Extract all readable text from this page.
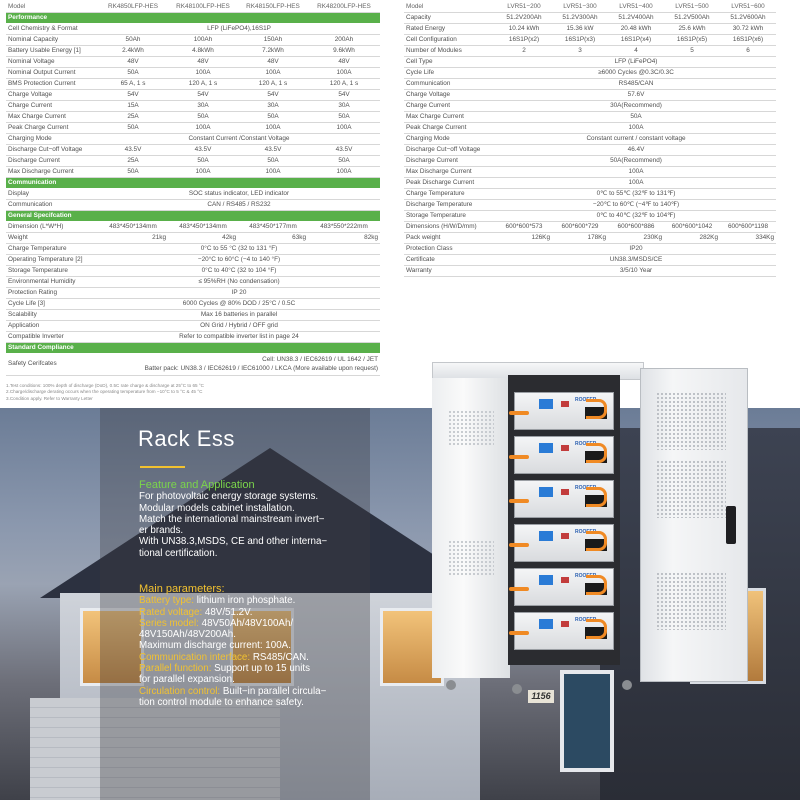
Model	RK4850LFP-HES	RK48100LFP-HES	RK48150LFP-HES	RK48200LFP-HES
Performance				
Cell Chemistry & Format	LFP (LiFePO4),16S1P			
Nominal Capacity	50Ah	100Ah	150Ah	200Ah
Battery Usable Energy [1]	2.4kWh	4.8kWh	7.2kWh	9.6kWh
Nominal Voltage	48V	48V	48V	48V
Nominal Output Current	50A	100A	100A	100A
BMS Protection Current	65 A, 1 s	120 A, 1 s	120 A, 1 s	120 A, 1 s
Charge Voltage	54V	54V	54V	54V
Charge Current	15A	30A	30A	30A
Max Charge Current	25A	50A	50A	50A
Peak Charge Current	50A	100A	100A	100A
Charging Mode	Constant Current /Constant Voltage			
Discharge Cut−off Voltage	43.5V	43.5V	43.5V	43.5V
Discharge Current	25A	50A	50A	50A
Max Discharge Current	50A	100A	100A	100A
Communication				
Display	SOC status indicator, LED indicator			
Communication	CAN / RS485 / RS232			
General Specifcation				
Dimension (L*W*H)	483*450*134mm	483*450*134mm	483*450*177mm	483*550*222mm
Weight	21kg	42kg	63kg	82kg
Charge Temperature	0°C to 55 °C (32 to 131 °F)			
Operating Temperature [2]	−20°C to 60°C (−4 to 140 °F)			
Storage Temperature	0°C to 40°C (32 to 104 °F)			
Environmental Humidity	≤ 95%RH (No condensation)			
Protection Rating	IP 20			
Cycle Life [3]	6000 Cycles @ 80% DOD / 25°C / 0.5C			
Scalability	Max 16 batteries in parallel			
Application	ON Grid / Hybrid / OFF grid			
Compatible Inverter	Refer to compatible inverter list in page 24			
Standard Compliance				
Safety Cerifcates	Cell: UN38.3 / IEC62619 / UL 1642 / JET
Batter pack: UN38.3 / IEC62619 / IEC61000 / LKCA (More available upon request)			
1.Test conditions: 100% depth of discharge (DoD), 0.5C rate charge & discharge at 25°C to 65 °C
2.Charge/discharge derating occurs when the operating temperature from −10°C to 5 °C & 45 °C
3.Condition apply. Refer to Warranty Letter
Model	LVR51−200	LVR51−300	LVR51−400	LVR51−500	LVR51−600
Capacity	51.2V200Ah	51.2V300Ah	51.2V400Ah	51.2V500Ah	51.2V600Ah
Rated Energy	10.24 kWh	15.36 kW	20.48 kWh	25.6 kWh	30.72 kWh
Cell Configuration	16S1P(x2)	16S1P(x3)	16S1P(x4)	16S1P(x5)	16S1P(x6)
Number of Modules	2	3	4	5	6
Cell Type	LFP (LiFePO4)				
Cycle Life	≥6000 Cycles @0.3C/0.3C				
Communication	RS485/CAN				
Charge Voltage	57.6V				
Charge Current	30A(Recommend)				
Max Charge Current	50A				
Peak Charge Current	100A				
Charging Mode	Constant current / constant voltage				
Discharge Cut−off Voltage	46.4V				
Discharge Current	50A(Recommend)				
Max Discharge Current	100A				
Peak Discharge Current	100A				
Charge Temperature	0℃ to 55℃ (32℉ to 131℉)				
Discharge Temperature	−20℃ to 60℃ (−4℉ to 140℉)				
Storage Temperature	0℃ to 40℃ (32℉ to 104℉)				
Dimensions (H/W/D/mm)	600*600*573	600*600*729	600*600*886	600*600*1042	600*600*1198
Pack weight	126Kg	178Kg	230Kg	282Kg	334Kg
Protection Class	IP20				
Certificate	UN38.3/MSDS/CE				
Warranty	3/5/10 Year				
1156
Rack Ess
Feature and Application
For photovoltaic energy storage systems.
Modular models cabinet installation.
Match the international mainstream invert−
er brands.
With UN38.3,MSDS, CE and other interna−
tional certification.
Main parameters:
Battery type: lithium iron phosphate.
Rated voltage: 48V/51.2V.
Series model: 48V50Ah/48V100Ah/
48V150Ah/48V200Ah.
Maximum discharge current: 100A.
Communication interface: RS485/CAN.
Parallel function: Support up to 15 units
for parallel expansion.
Circulation control: Built−in parallel circula−
tion control module to enhance safety.
ROOFER
ROOFER
ROOFER
ROOFER
ROOFER
ROOFER
